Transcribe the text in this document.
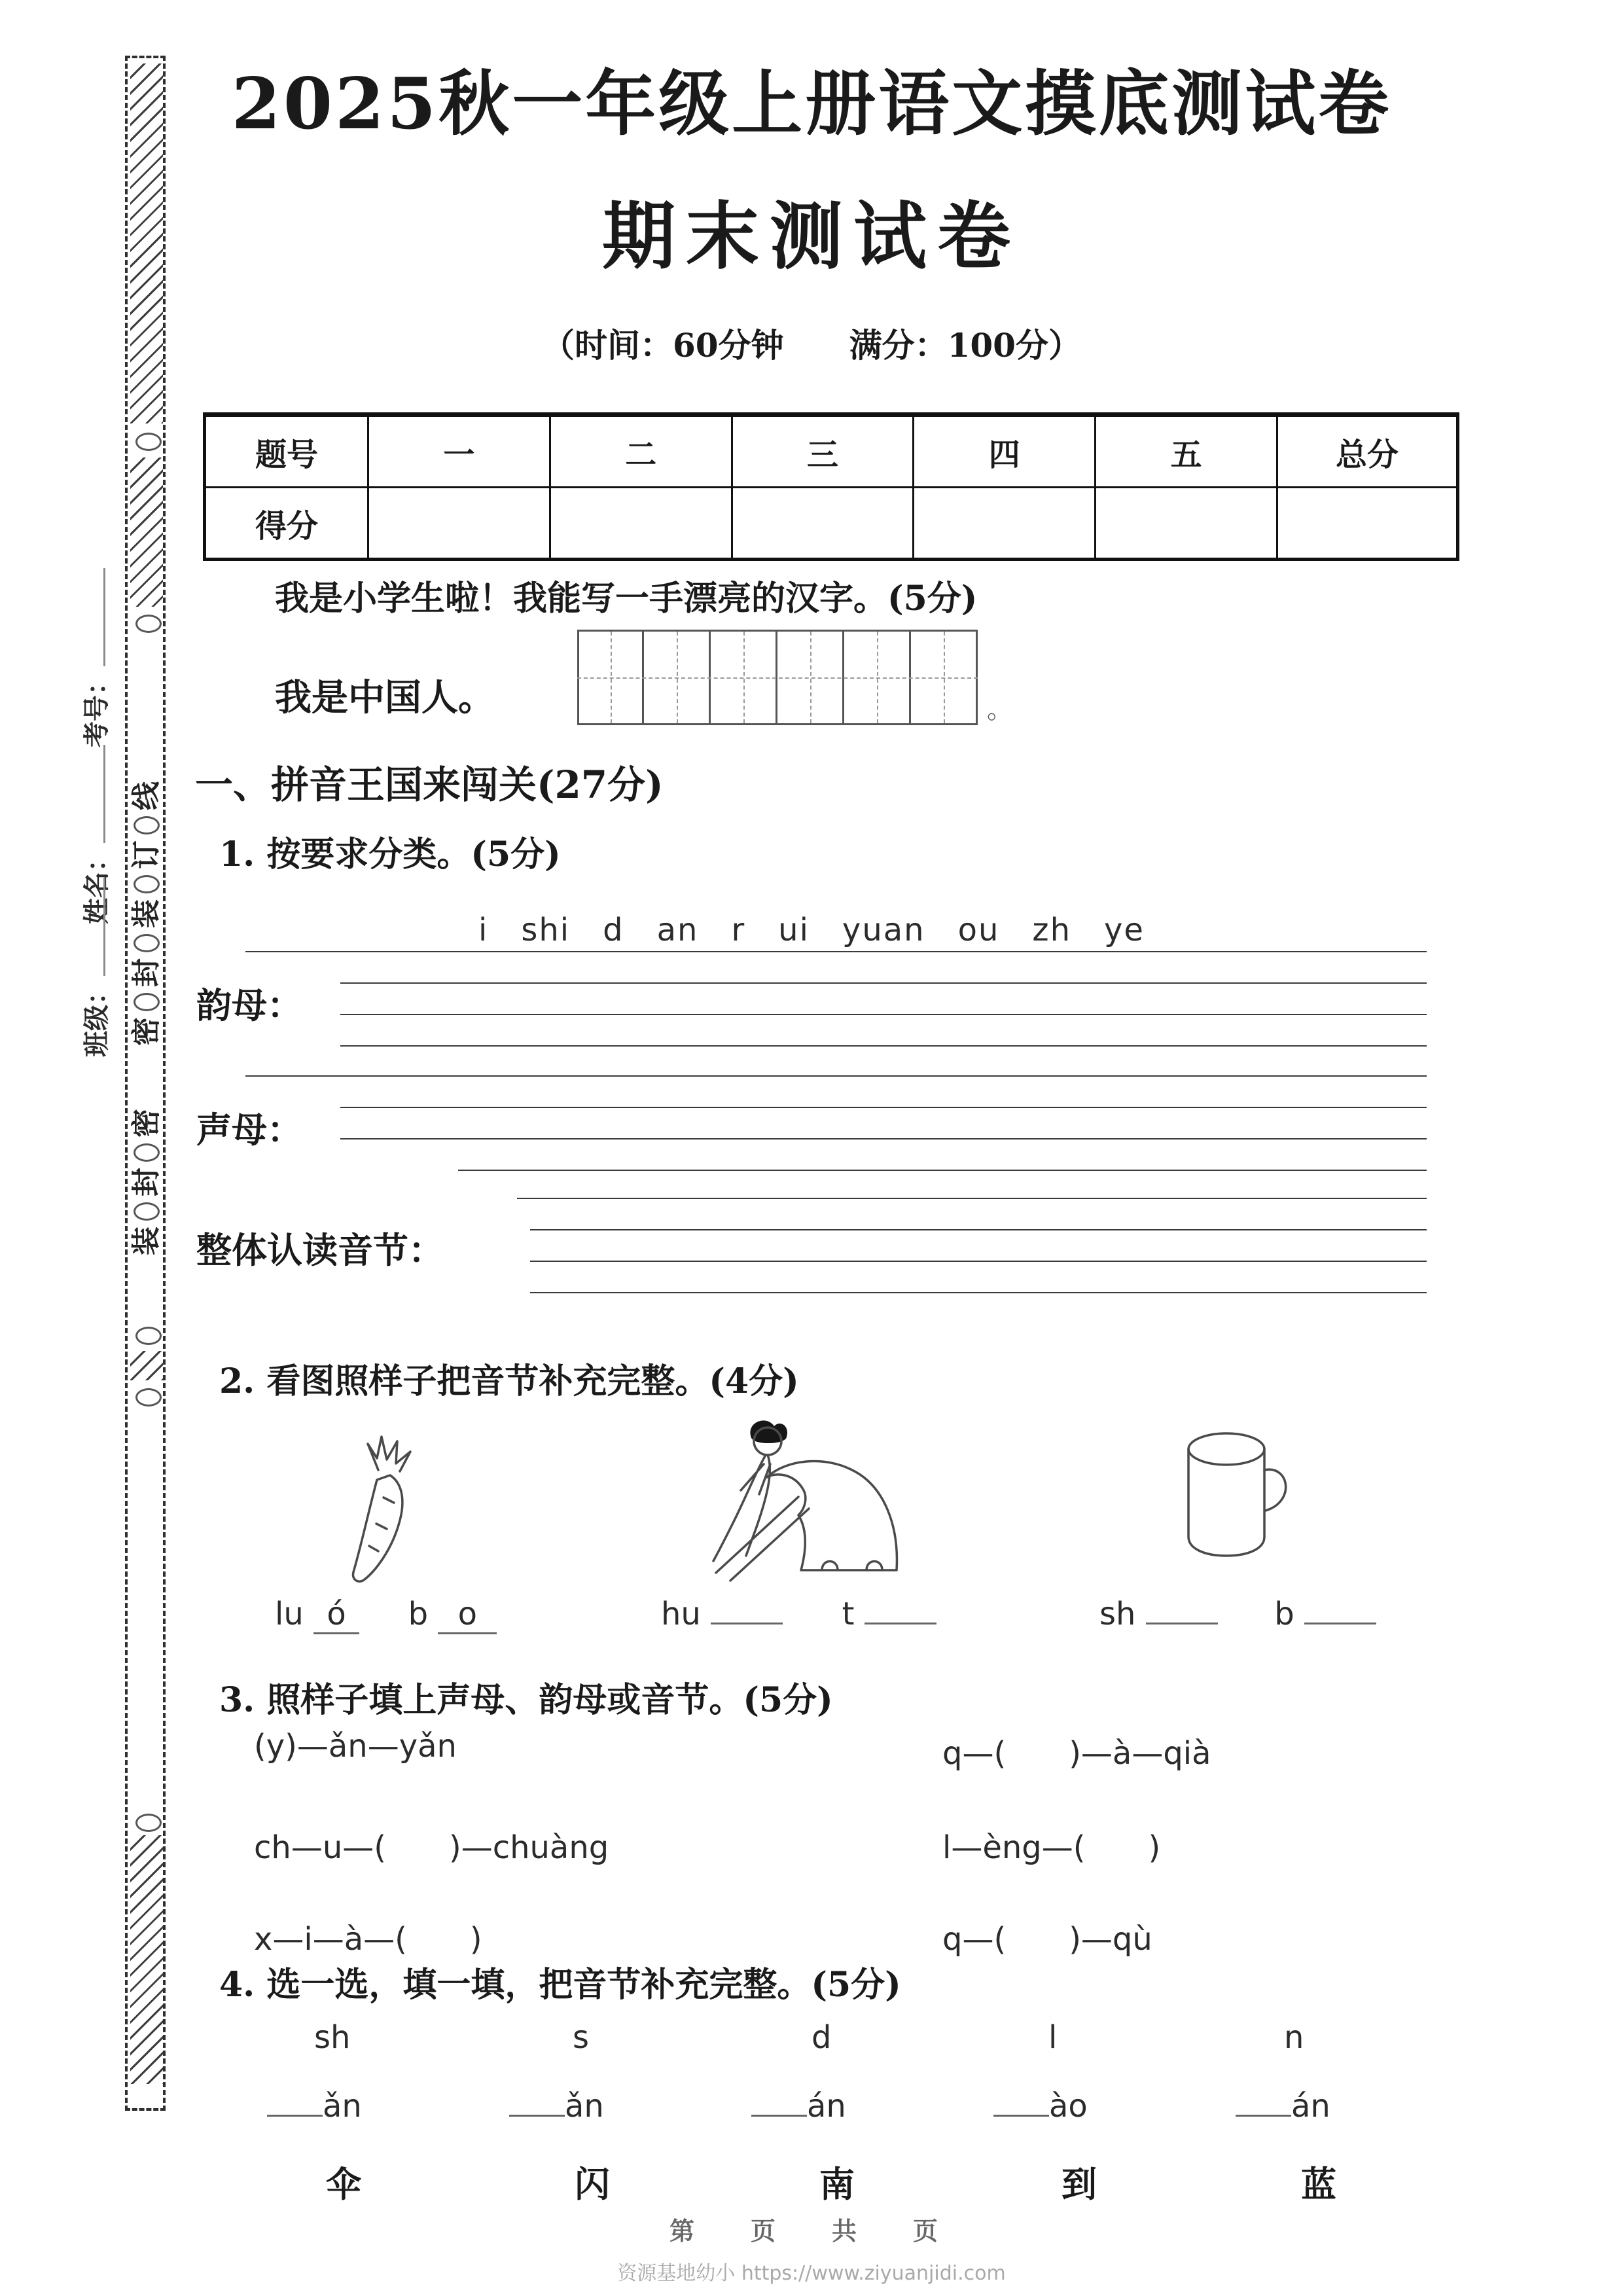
线
订
装
封
密
密
封
装
考号：
姓名：
班级：
2025秋一年级上册语文摸底测试卷
期末测试卷
（时间：60分钟　　满分：100分）
题号	一	二	三	四	五	总分
得分						
我是小学生啦！我能写一手漂亮的汉字。(5分)
我是中国人。	。
一、拼音王国来闯关(27分)
1. 按要求分类。(5分)
i　shi　d　an　r　ui　yuan　ou　zh　ye
韵母：
声母：
整体认读音节：
2. 看图照样子把音节补充完整。(4分)
lu ó b o	hu	t	sh	b
3. 照样子填上声母、韵母或音节。(5分)
(y)—ǎn—yǎn	q—(　　)—à—qià
ch—u—(　　)—chuàng	l—èng—(　　)
x—i—à—(　　)	q—(　　)—qù
4. 选一选，填一填，把音节补充完整。(5分)
sh	s	d	l	n
ǎn	ǎn	án	ào	án
伞	闪	南	到	蓝
第　页　共　页
资源基地幼小 https://www.ziyuanjidi.com
